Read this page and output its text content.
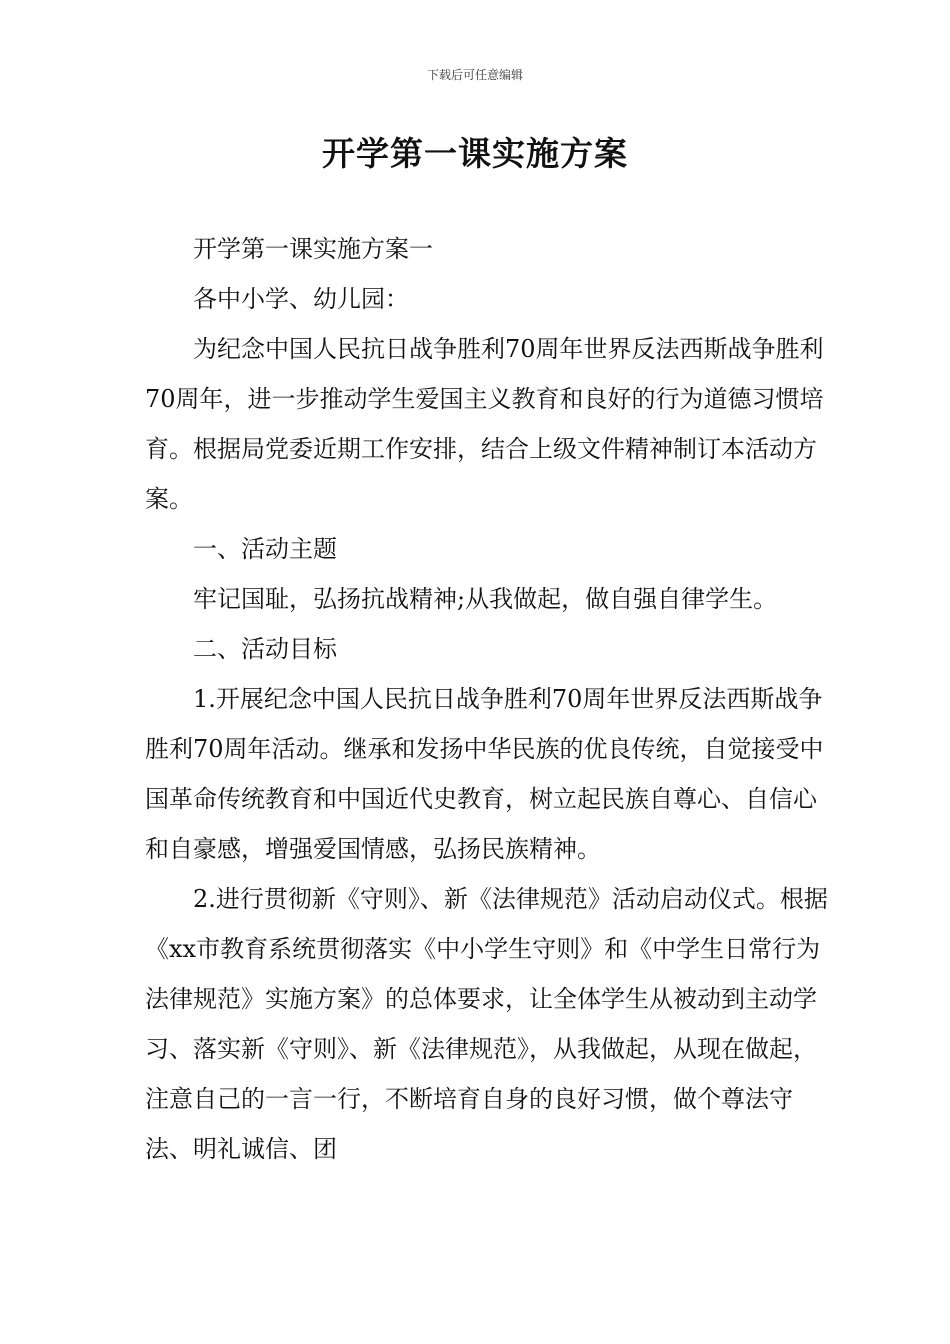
下载后可任意编辑
开学第一课实施方案

开学第一课实施方案一

各中小学、幼儿园：

为纪念中国人民抗日战争胜利70周年世界反法西斯战争胜利70周年，进一步推动学生爱国主义教育和良好的行为道德习惯培育。根据局党委近期工作安排，结合上级文件精神制订本活动方案。

一、活动主题

牢记国耻，弘扬抗战精神;从我做起，做自强自律学生。

二、活动目标

1.开展纪念中国人民抗日战争胜利70周年世界反法西斯战争胜利70周年活动。继承和发扬中华民族的优良传统，自觉接受中国革命传统教育和中国近代史教育，树立起民族自尊心、自信心和自豪感，增强爱国情感，弘扬民族精神。

2.进行贯彻新《守则》、新《法律规范》活动启动仪式。根据《xx市教育系统贯彻落实《中小学生守则》和《中学生日常行为法律规范》实施方案》的总体要求，让全体学生从被动到主动学习、落实新《守则》、新《法律规范》，从我做起，从现在做起，注意自己的一言一行，不断培育自身的良好习惯，做个尊法守法、明礼诚信、团
